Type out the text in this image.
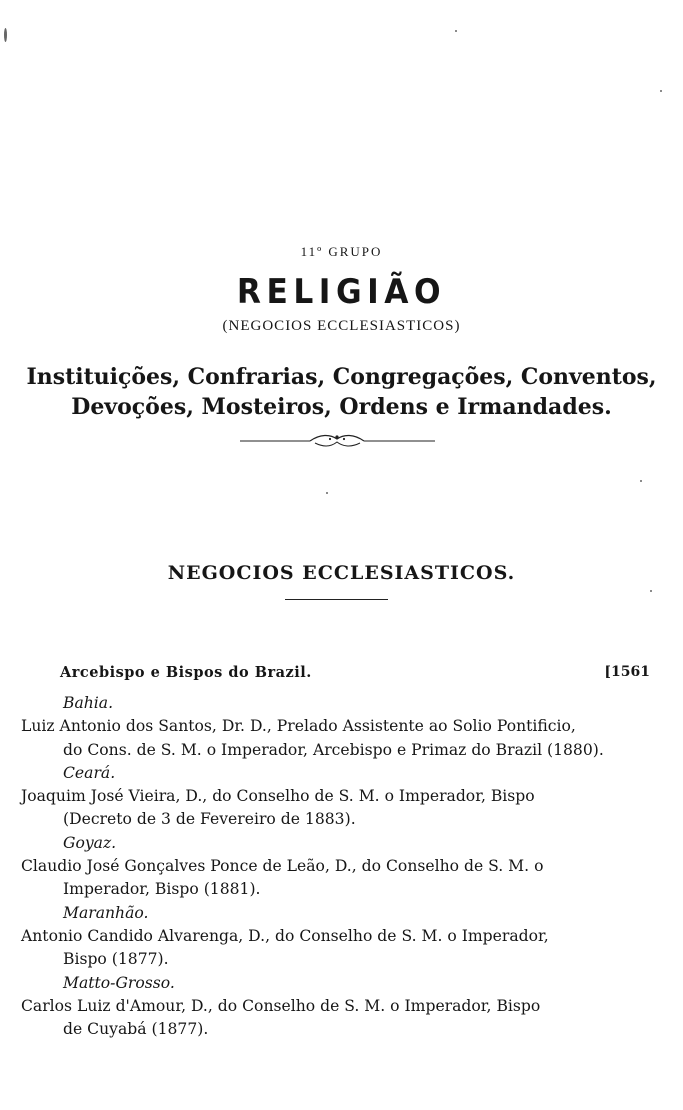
11º GRUPO
RELIGIÃO
(NEGOCIOS ECCLESIASTICOS)
Instituições, Confrarias, Congregações, Conventos,
Devoções, Mosteiros, Ordens e Irmandades.
NEGOCIOS ECCLESIASTICOS.
Arcebispo e Bispos do Brazil.	[1561
Bahia.
Luiz Antonio dos Santos, Dr. D., Prelado Assistente ao Solio Pontificio,
do Cons. de S. M. o Imperador, Arcebispo e Primaz do Brazil (1880).
Ceará.
Joaquim José Vieira, D., do Conselho de S. M. o Imperador, Bispo
(Decreto de 3 de Fevereiro de 1883).
Goyaz.
Claudio José Gonçalves Ponce de Leão, D., do Conselho de S. M. o
Imperador, Bispo (1881).
Maranhão.
Antonio Candido Alvarenga, D., do Conselho de S. M. o Imperador,
Bispo (1877).
Matto-Grosso.
Carlos Luiz d'Amour, D., do Conselho de S. M. o Imperador, Bispo
de Cuyabá (1877).
